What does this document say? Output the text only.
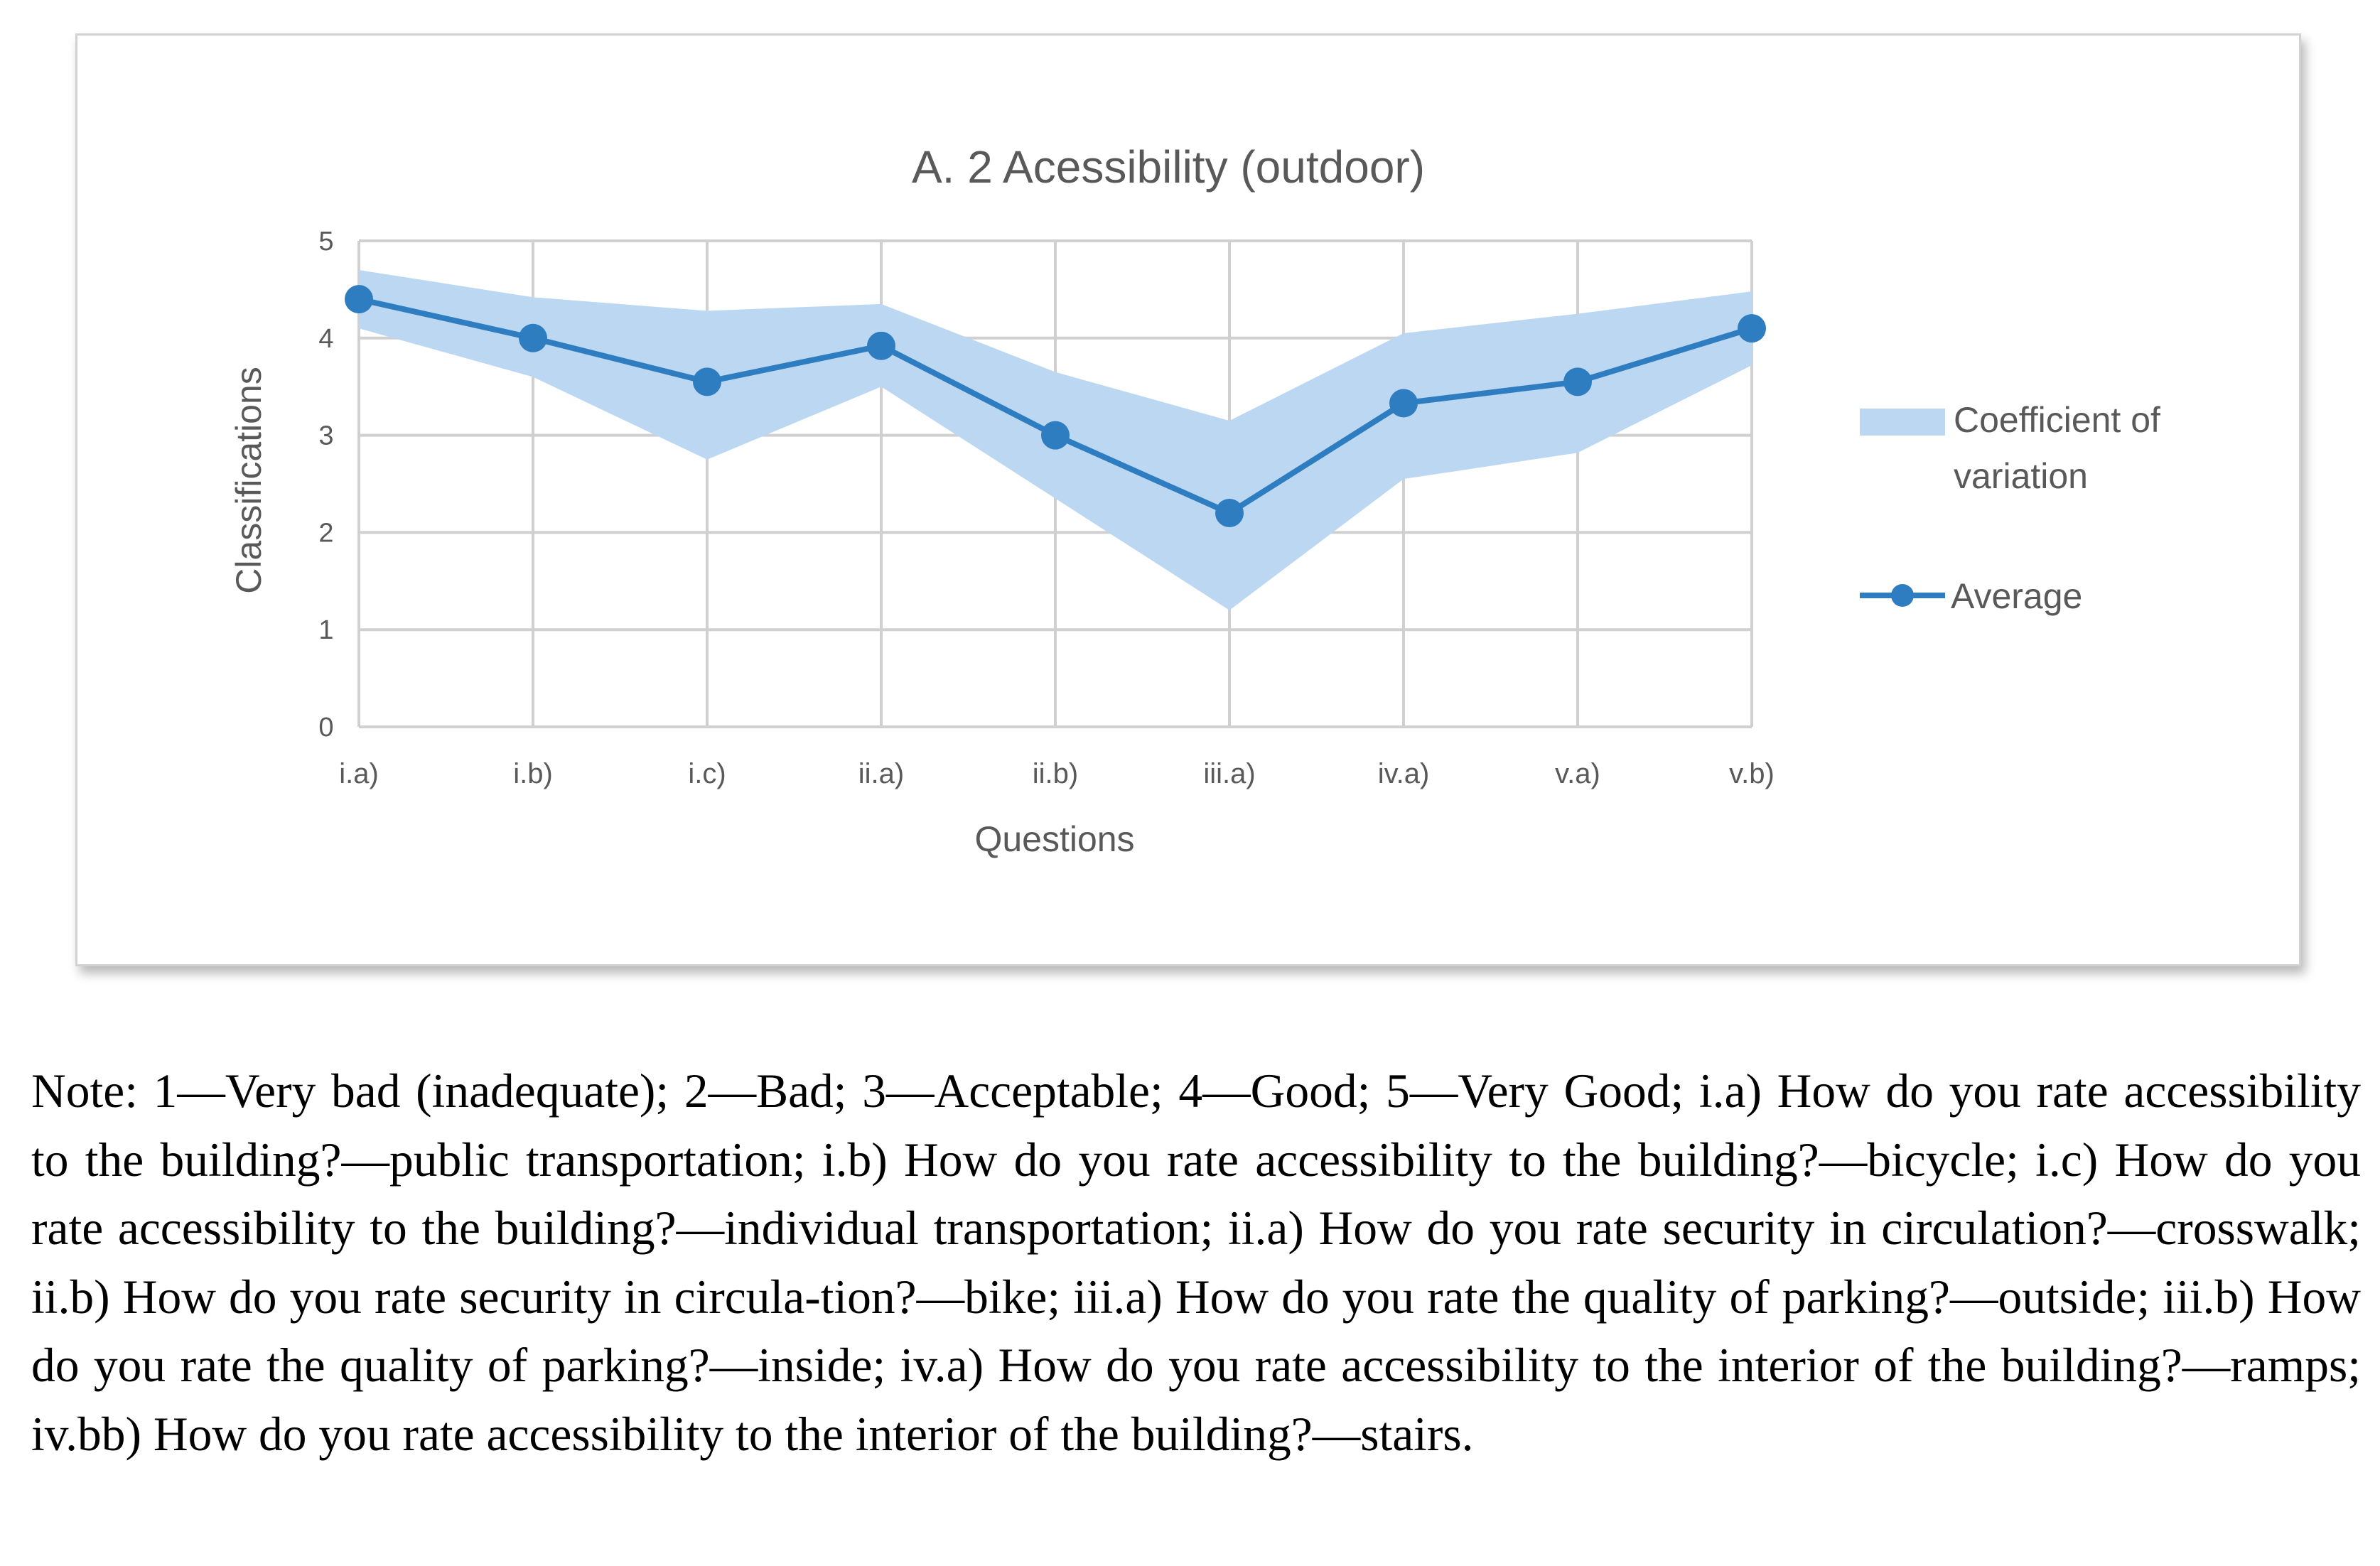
A. 2 Acessibility (outdoor)
0
1
2
3
4
5
i.a)	i.b)	i.c)	ii.a)	ii.b)	iii.a)	iv.a)	v.a)	v.b)
Questions
Classifications	Coefficient of variation
Average

Note: 1—Very bad (inadequate); 2—Bad; 3—Acceptable; 4—Good; 5—Very Good; i.a) How do you rate accessibility to the building?—public transportation; i.b) How do you rate accessibility to the building?—bicycle; i.c) How do you rate accessibility to the building?—individual transportation; ii.a) How do you rate security in circulation?—crosswalk; ii.b) How do you rate security in circula-tion?—bike; iii.a) How do you rate the quality of parking?—outside; iii.b) How do you rate the quality of parking?—inside; iv.a) How do you rate accessibility to the interior of the building?—ramps; iv.bb) How do you rate accessibility to the interior of the building?—stairs.
